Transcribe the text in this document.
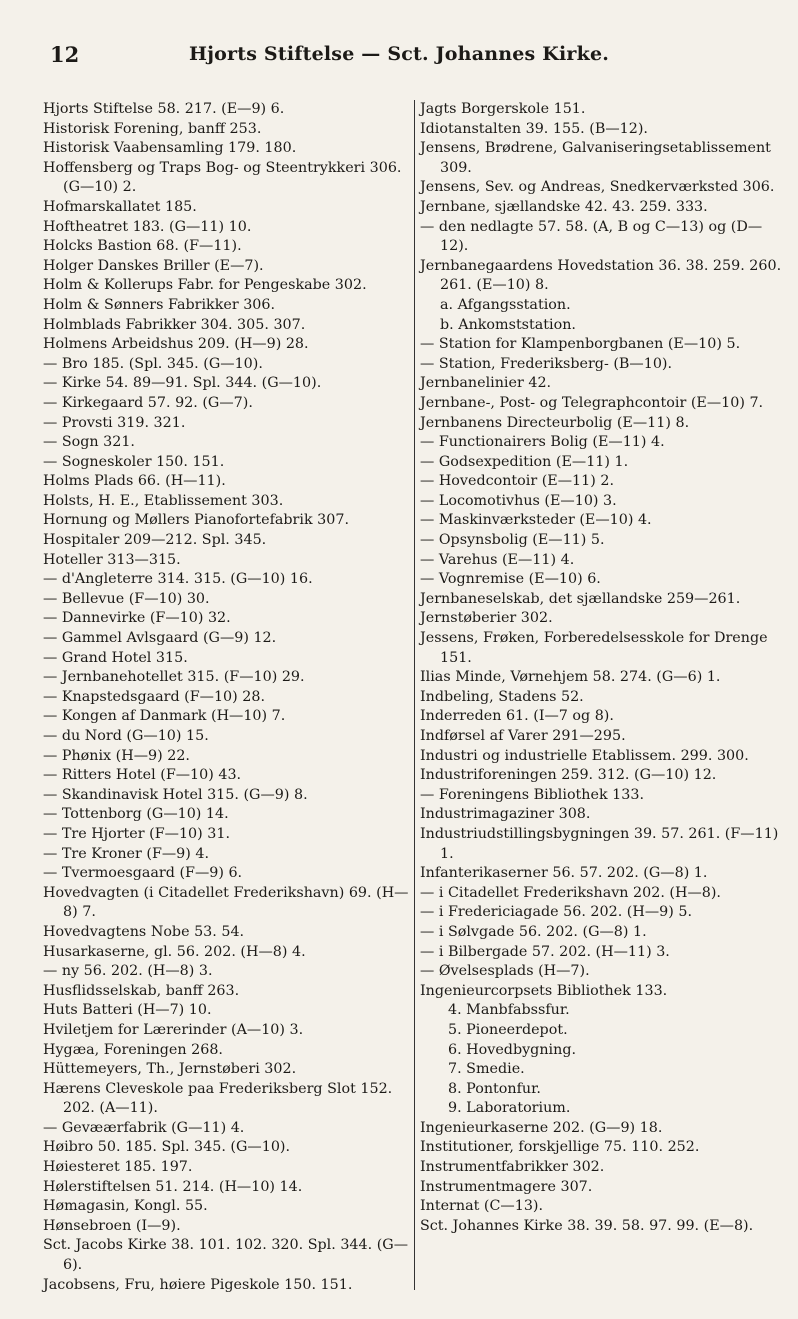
12	Hjorts Stiftelse — Sct. Johannes Kirke.
Hjorts Stiftelse 58. 217. (E—9) 6.
Historisk Forening, banff 253.
Historisk Vaabensamling 179. 180.
Hoffensberg og Traps Bog- og Steentrykkeri 306. (G—10) 2.
Hofmarskallatet 185.
Hoftheatret 183. (G—11) 10.
Holcks Bastion 68. (F—11).
Holger Danskes Briller (E—7).
Holm & Kollerups Fabr. for Pengeskabe 302.
Holm & Sønners Fabrikker 306.
Holmblads Fabrikker 304. 305. 307.
Holmens Arbeidshus 209. (H—9) 28.
— Bro 185. (Spl. 345. (G—10).
— Kirke 54. 89—91. Spl. 344. (G—10).
— Kirkegaard 57. 92. (G—7).
— Provsti 319. 321.
— Sogn 321.
— Sogneskoler 150. 151.
Holms Plads 66. (H—11).
Holsts, H. E., Etablissement 303.
Hornung og Møllers Pianofortefabrik 307.
Hospitaler 209—212. Spl. 345.
Hoteller 313—315.
— d'Angleterre 314. 315. (G—10) 16.
— Bellevue (F—10) 30.
— Dannevirke (F—10) 32.
— Gammel Avlsgaard (G—9) 12.
— Grand Hotel 315.
— Jernbanehotellet 315. (F—10) 29.
— Knapstedsgaard (F—10) 28.
— Kongen af Danmark (H—10) 7.
— du Nord (G—10) 15.
— Phønix (H—9) 22.
— Ritters Hotel (F—10) 43.
— Skandinavisk Hotel 315. (G—9) 8.
— Tottenborg (G—10) 14.
— Tre Hjorter (F—10) 31.
— Tre Kroner (F—9) 4.
— Tvermoesgaard (F—9) 6.
Hovedvagten (i Citadellet Frederikshavn) 69. (H—8) 7.
Hovedvagtens Nobe 53. 54.
Husarkaserne, gl. 56. 202. (H—8) 4.
— ny 56. 202. (H—8) 3.
Husflidsselskab, banff 263.
Huts Batteri (H—7) 10.
Hviletjem for Lærerinder (A—10) 3.
Hygæa, Foreningen 268.
Hüttemeyers, Th., Jernstøberi 302.
Hærens Cleveskole paa Frederiksberg Slot 152. 202. (A—11).
— Gevæærfabrik (G—11) 4.
Høibro 50. 185. Spl. 345. (G—10).
Høiesteret 185. 197.
Hølerstiftelsen 51. 214. (H—10) 14.
Hømagasin, Kongl. 55.
Hønsebroen (I—9).
Sct. Jacobs Kirke 38. 101. 102. 320. Spl. 344. (G—6).
Jacobsens, Fru, høiere Pigeskole 150. 151.
Jagts Borgerskole 151.
Idiotanstalten 39. 155. (B—12).
Jensens, Brødrene, Galvaniseringsetablissement 309.
Jensens, Sev. og Andreas, Snedkerværksted 306.
Jernbane, sjællandske 42. 43. 259. 333.
— den nedlagte 57. 58. (A, B og C—13) og (D—12).
Jernbanegaardens Hovedstation 36. 38. 259. 260. 261. (E—10) 8.
a. Afgangsstation.
b. Ankomststation.
— Station for Klampenborgbanen (E—10) 5.
— Station, Frederiksberg- (B—10).
Jernbanelinier 42.
Jernbane-, Post- og Telegraphcontoir (E—10) 7.
Jernbanens Directeurbolig (E—11) 8.
— Functionairers Bolig (E—11) 4.
— Godsexpedition (E—11) 1.
— Hovedcontoir (E—11) 2.
— Locomotivhus (E—10) 3.
— Maskinværksteder (E—10) 4.
— Opsynsbolig (E—11) 5.
— Varehus (E—11) 4.
— Vognremise (E—10) 6.
Jernbaneselskab, det sjællandske 259—261.
Jernstøberier 302.
Jessens, Frøken, Forberedelsesskole for Drenge 151.
Ilias Minde, Vørnehjem 58. 274. (G—6) 1.
Indbeling, Stadens 52.
Inderreden 61. (I—7 og 8).
Indførsel af Varer 291—295.
Industri og industrielle Etablissem. 299. 300.
Industriforeningen 259. 312. (G—10) 12.
— Foreningens Bibliothek 133.
Industrimagaziner 308.
Industriudstillingsbygningen 39. 57. 261. (F—11) 1.
Infanterikaserner 56. 57. 202. (G—8) 1.
— i Citadellet Frederikshavn 202. (H—8).
— i Fredericiagade 56. 202. (H—9) 5.
— i Sølvgade 56. 202. (G—8) 1.
— i Bilbergade 57. 202. (H—11) 3.
— Øvelsesplads (H—7).
Ingenieurcorpsets Bibliothek 133.
4. Manbfabssfur.
5. Pioneerdepot.
6. Hovedbygning.
7. Smedie.
8. Pontonfur.
9. Laboratorium.
Ingenieurkaserne 202. (G—9) 18.
Institutioner, forskjellige 75. 110. 252.
Instrumentfabrikker 302.
Instrumentmagere 307.
Internat (C—13).
Sct. Johannes Kirke 38. 39. 58. 97. 99. (E—8).
